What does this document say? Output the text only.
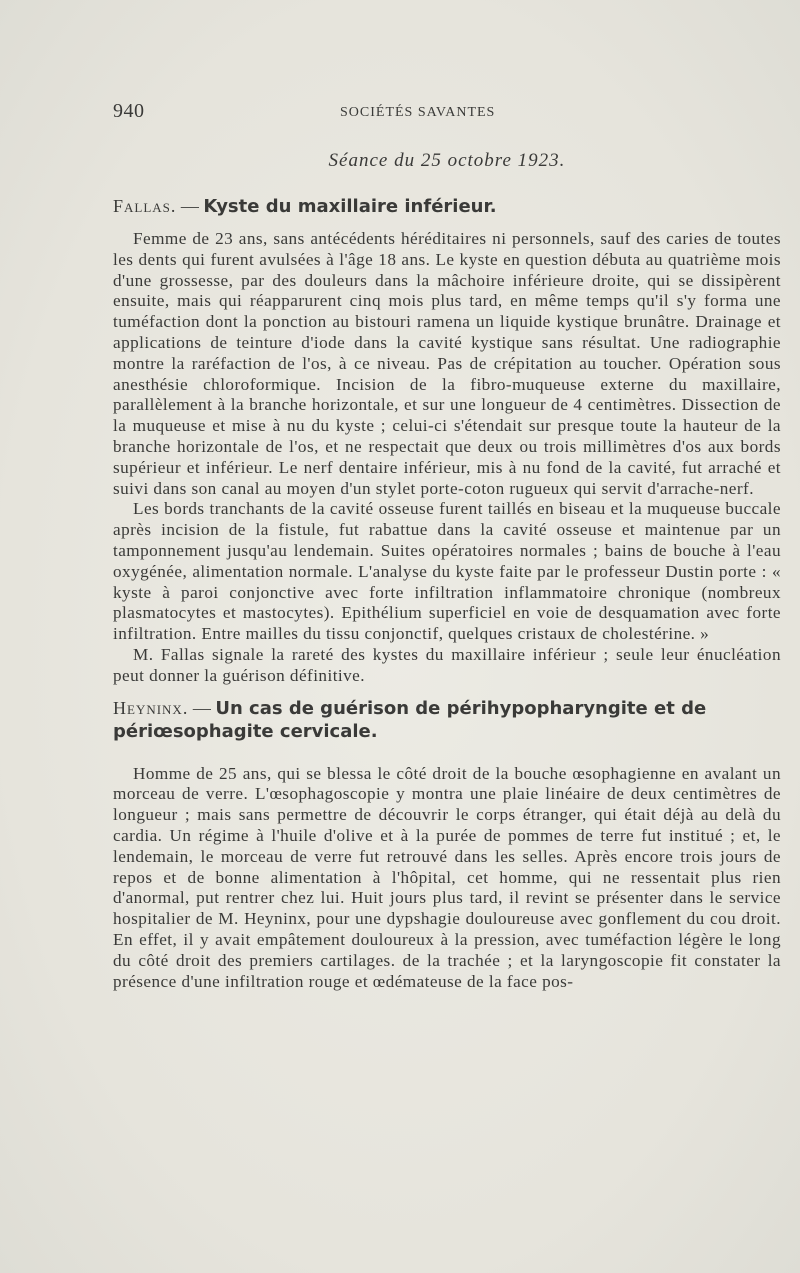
940	SOCIÉTÉS SAVANTES
Séance du 25 octobre 1923.
Fallas. — Kyste du maxillaire inférieur.

Femme de 23 ans, sans antécédents héréditaires ni personnels, sauf des caries de toutes les dents qui furent avulsées à l'âge 18 ans. Le kyste en question débuta au quatrième mois d'une grossesse, par des douleurs dans la mâchoire inférieure droite, qui se dissipèrent ensuite, mais qui réapparurent cinq mois plus tard, en même temps qu'il s'y forma une tuméfaction dont la ponction au bistouri ramena un liquide kystique brunâtre. Drainage et applications de teinture d'iode dans la cavité kystique sans résultat. Une radiographie montre la raréfaction de l'os, à ce niveau. Pas de crépitation au toucher. Opération sous anesthésie chloroformique. Incision de la fibro-muqueuse externe du maxillaire, parallèlement à la branche horizontale, et sur une longueur de 4 centimètres. Dissection de la muqueuse et mise à nu du kyste ; celui-ci s'étendait sur presque toute la hauteur de la branche horizontale de l'os, et ne respectait que deux ou trois millimètres d'os aux bords supérieur et inférieur. Le nerf dentaire inférieur, mis à nu fond de la cavité, fut arraché et suivi dans son canal au moyen d'un stylet porte-coton rugueux qui servit d'arrache-nerf.

Les bords tranchants de la cavité osseuse furent taillés en biseau et la muqueuse buccale après incision de la fistule, fut rabattue dans la cavité osseuse et maintenue par un tamponnement jusqu'au lendemain. Suites opératoires normales ; bains de bouche à l'eau oxygénée, alimentation normale. L'analyse du kyste faite par le professeur Dustin porte : « kyste à paroi conjonctive avec forte infiltration inflammatoire chronique (nombreux plasmatocytes et mastocytes). Epithélium superficiel en voie de desquamation avec forte infiltration. Entre mailles du tissu conjonctif, quelques cristaux de cholestérine. »

M. Fallas signale la rareté des kystes du maxillaire inférieur ; seule leur énucléation peut donner la guérison définitive.

Heyninx. — Un cas de guérison de périhypopharyngite et de périœsophagite cervicale.

Homme de 25 ans, qui se blessa le côté droit de la bouche œsophagienne en avalant un morceau de verre. L'œsophagoscopie y montra une plaie linéaire de deux centimètres de longueur ; mais sans permettre de découvrir le corps étranger, qui était déjà au delà du cardia. Un régime à l'huile d'olive et à la purée de pommes de terre fut institué ; et, le lendemain, le morceau de verre fut retrouvé dans les selles. Après encore trois jours de repos et de bonne alimentation à l'hôpital, cet homme, qui ne ressentait plus rien d'anormal, put rentrer chez lui. Huit jours plus tard, il revint se présenter dans le service hospitalier de M. Heyninx, pour une dypshagie douloureuse avec gonflement du cou droit. En effet, il y avait empâtement douloureux à la pression, avec tuméfaction légère le long du côté droit des premiers cartilages. de la trachée ; et la laryngoscopie fit constater la présence d'une infiltration rouge et œdémateuse de la face pos-
